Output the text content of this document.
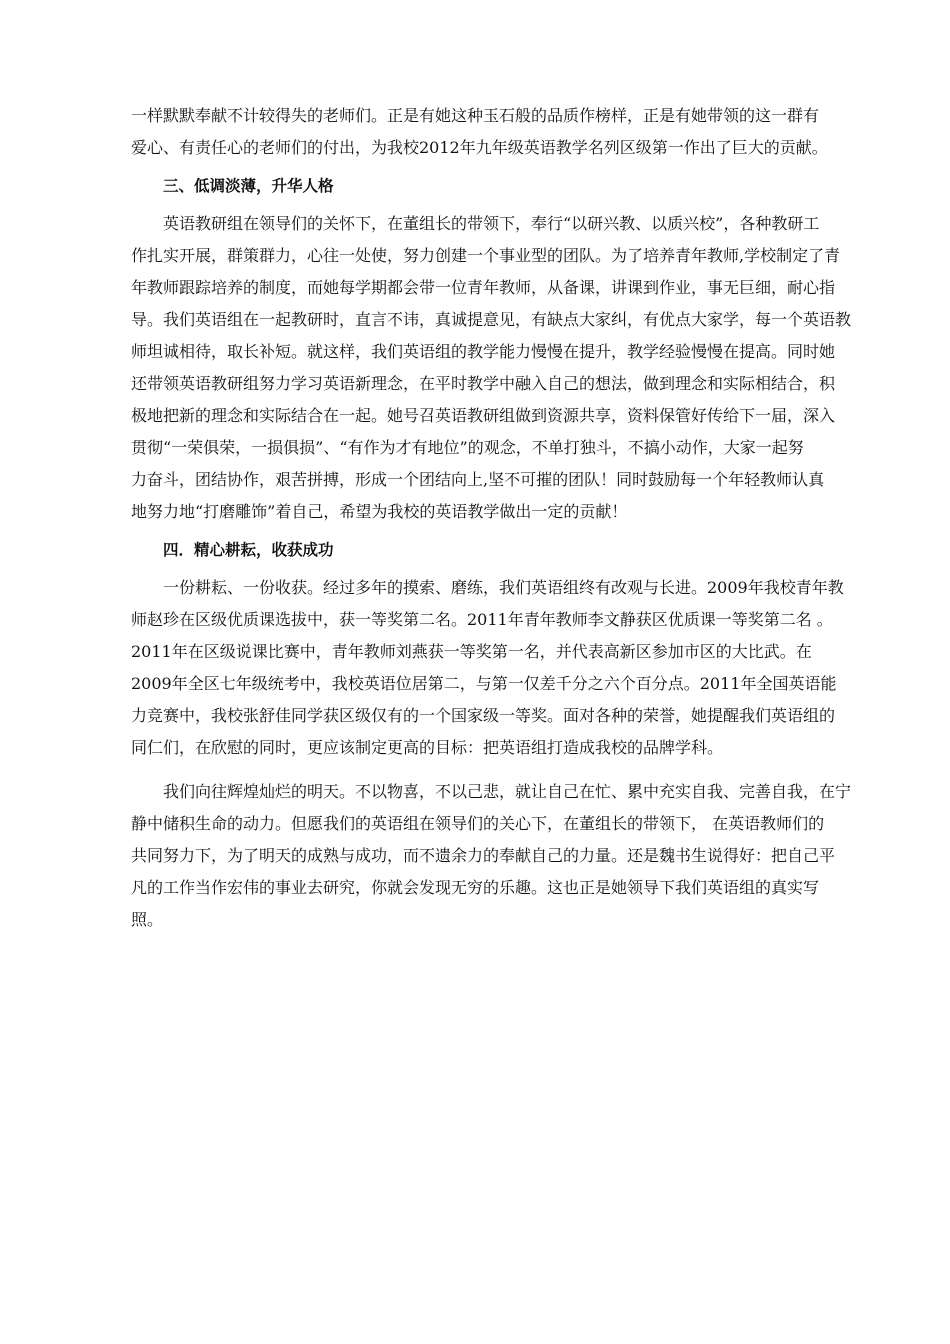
一样默默奉献不计较得失的老师们。正是有她这种玉石般的品质作榜样，正是有她带领的这一群有
爱心、有责任心的老师们的付出，为我校2012年九年级英语教学名列区级第一作出了巨大的贡献。
三、低调淡薄，升华人格
英语教研组在领导们的关怀下，在董组长的带领下，奉行“以研兴教、以质兴校”，各种教研工
作扎实开展，群策群力，心往一处使，努力创建一个事业型的团队。为了培养青年教师,学校制定了青
年教师跟踪培养的制度，而她每学期都会带一位青年教师，从备课，讲课到作业，事无巨细，耐心指
导。我们英语组在一起教研时，直言不讳，真诚提意见，有缺点大家纠，有优点大家学，每一个英语教
师坦诚相待，取长补短。就这样，我们英语组的教学能力慢慢在提升，教学经验慢慢在提高。同时她
还带领英语教研组努力学习英语新理念，在平时教学中融入自己的想法，做到理念和实际相结合，积
极地把新的理念和实际结合在一起。她号召英语教研组做到资源共享，资料保管好传给下一届，深入
贯彻“一荣俱荣，一损俱损”、“有作为才有地位”的观念，不单打独斗，不搞小动作，大家一起努
力奋斗，团结协作，艰苦拼搏，形成一个团结向上,坚不可摧的团队！同时鼓励每一个年轻教师认真
地努力地“打磨雕饰”着自己，希望为我校的英语教学做出一定的贡献！
四．精心耕耘，收获成功
一份耕耘、一份收获。经过多年的摸索、磨练，我们英语组终有改观与长进。2009年我校青年教
师赵珍在区级优质课选拔中，获一等奖第二名。2011年青年教师李文静获区优质课一等奖第二名 。
2011年在区级说课比赛中，青年教师刘燕获一等奖第一名，并代表高新区参加市区的大比武。在
2009年全区七年级统考中，我校英语位居第二，与第一仅差千分之六个百分点。2011年全国英语能
力竞赛中，我校张舒佳同学获区级仅有的一个国家级一等奖。面对各种的荣誉，她提醒我们英语组的
同仁们，在欣慰的同时，更应该制定更高的目标：把英语组打造成我校的品牌学科。
我们向往辉煌灿烂的明天。不以物喜，不以己悲，就让自己在忙、累中充实自我、完善自我，在宁
静中储积生命的动力。但愿我们的英语组在领导们的关心下，在董组长的带领下， 在英语教师们的
共同努力下，为了明天的成熟与成功，而不遗余力的奉献自己的力量。还是魏书生说得好：把自己平
凡的工作当作宏伟的事业去研究，你就会发现无穷的乐趣。这也正是她领导下我们英语组的真实写
照。
